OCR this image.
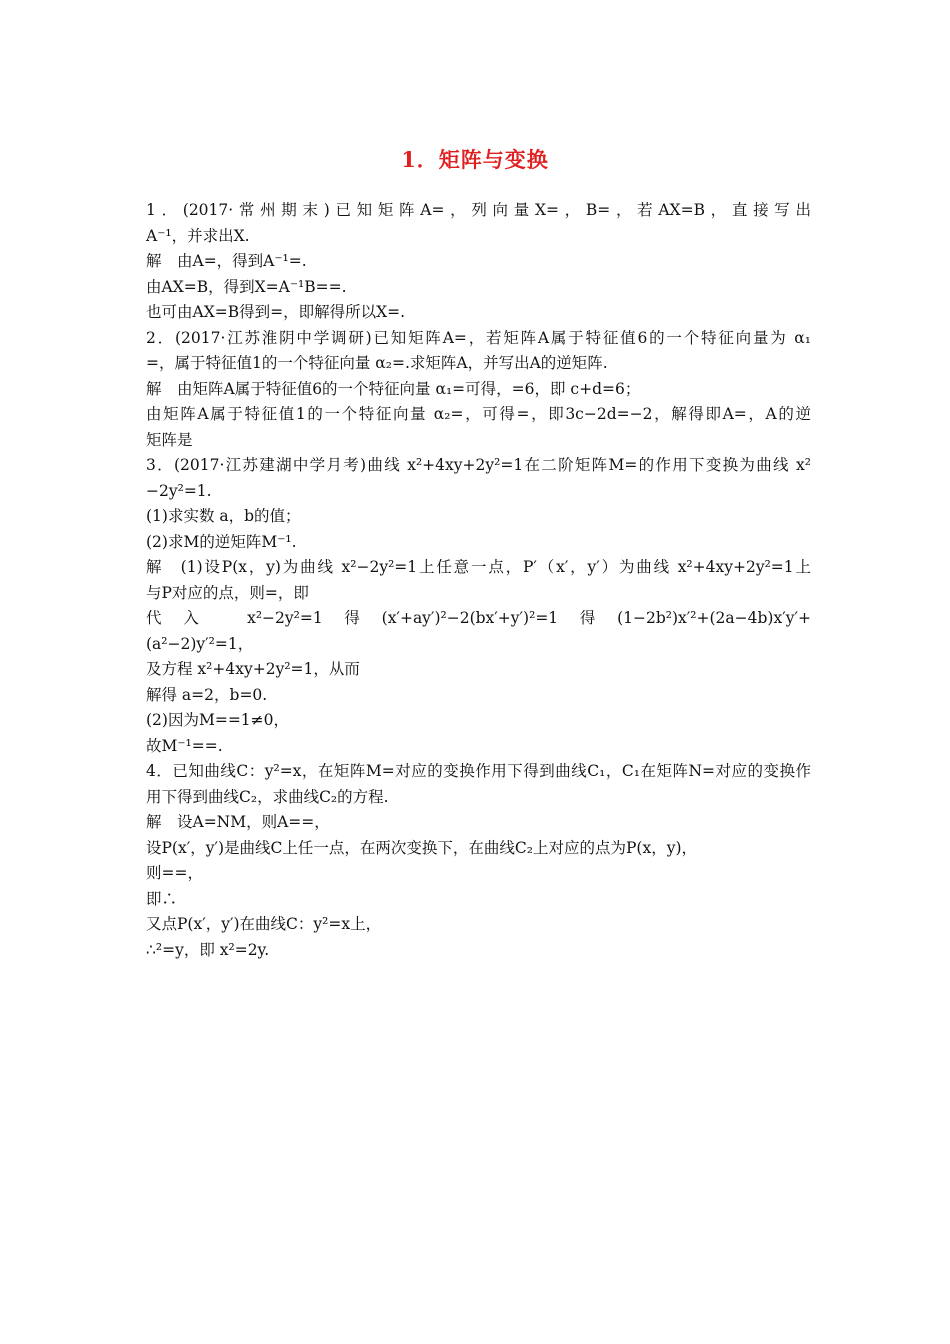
1．矩阵与变换
1．(2017·常州期末)已知矩阵A=，列向量X=，B=，若AX=B，直接写出
A⁻¹，并求出X.
解　由A=，得到A⁻¹=.
由AX=B，得到X=A⁻¹B==.
也可由AX=B得到=，即解得所以X=.
2．(2017·江苏淮阴中学调研)已知矩阵A=，若矩阵A属于特征值6的一个特征向量为 α₁
=，属于特征值1的一个特征向量 α₂=.求矩阵A，并写出A的逆矩阵.
解　由矩阵A属于特征值6的一个特征向量 α₁=可得，=6，即 c+d=6；
由矩阵A属于特征值1的一个特征向量 α₂=，可得=，即3c−2d=−2，解得即A=，A的逆
矩阵是
3．(2017·江苏建湖中学月考)曲线 x²+4xy+2y²=1在二阶矩阵M=的作用下变换为曲线 x²
−2y²=1.
(1)求实数 a，b的值；
(2)求M的逆矩阵M⁻¹.
解　(1)设P(x，y)为曲线 x²−2y²=1上任意一点，P′（x′，y′）为曲线 x²+4xy+2y²=1上
与P对应的点，则=，即
代入 x²−2y²=1得(x′+ay′)²−2(bx′+y′)²=1得(1−2b²)x′²+(2a−4b)x′y′+
(a²−2)y′²=1，
及方程 x²+4xy+2y²=1，从而
解得 a=2，b=0.
(2)因为M==1≠0，
故M⁻¹==.
4．已知曲线C：y²=x，在矩阵M=对应的变换作用下得到曲线C₁，C₁在矩阵N=对应的变换作
用下得到曲线C₂，求曲线C₂的方程.
解　设A=NM，则A==，
设P(x′，y′)是曲线C上任一点，在两次变换下，在曲线C₂上对应的点为P(x，y)，
则==，
即∴
又点P(x′，y′)在曲线C：y²=x上，
∴²=y，即 x²=2y.
